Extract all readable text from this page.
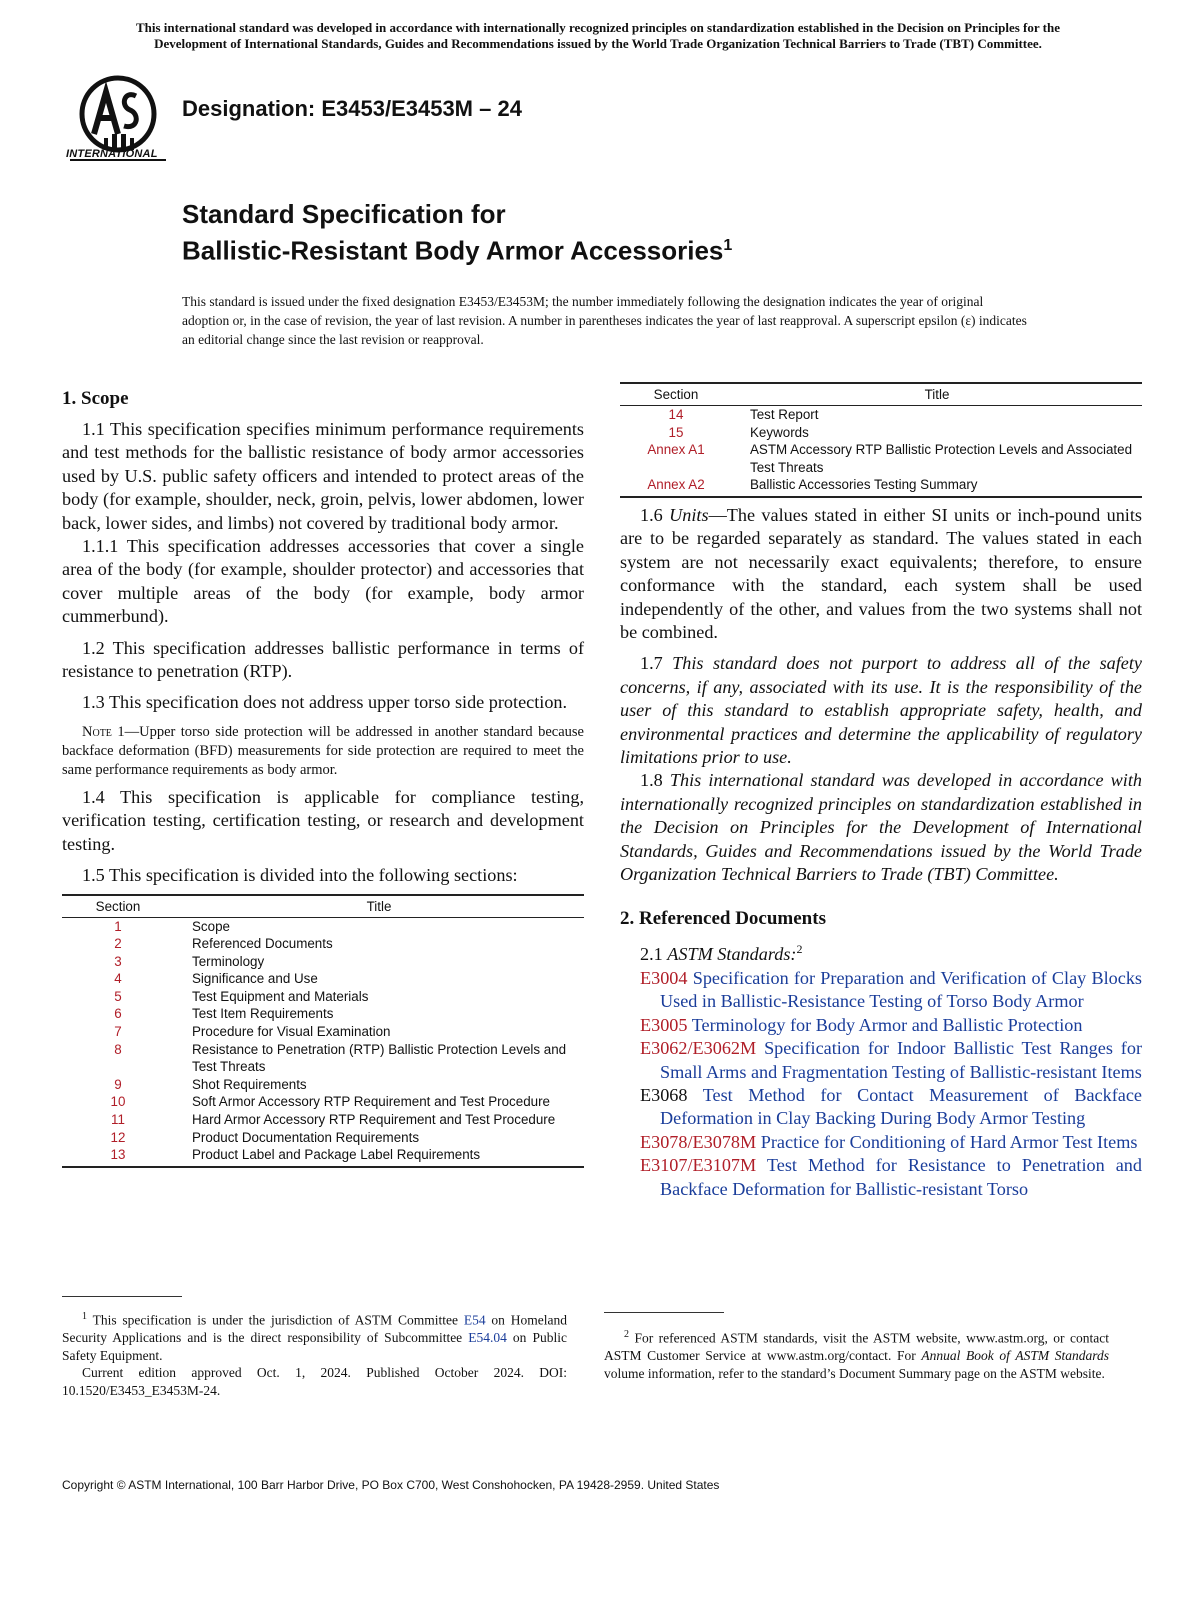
This international standard was developed in accordance with internationally recognized principles on standardization established in the Decision on Principles for the
Development of International Standards, Guides and Recommendations issued by the World Trade Organization Technical Barriers to Trade (TBT) Committee.
INTERNATIONAL
Designation: E3453/E3453M – 24
Standard Specification for
Ballistic-Resistant Body Armor Accessories$^1$
This standard is issued under the fixed designation E3453/E3453M; the number immediately following the designation indicates the year of original adoption or, in the case of revision, the year of last revision. A number in parentheses indicates the year of last reapproval. A superscript epsilon (ε) indicates an editorial change since the last revision or reapproval.
1. Scope

1.1 This specification specifies minimum performance requirements and test methods for the ballistic resistance of body armor accessories used by U.S. public safety officers and intended to protect areas of the body (for example, shoulder, neck, groin, pelvis, lower abdomen, lower back, lower sides, and limbs) not covered by traditional body armor.

1.1.1 This specification addresses accessories that cover a single area of the body (for example, shoulder protector) and accessories that cover multiple areas of the body (for example, body armor cummerbund).

1.2 This specification addresses ballistic performance in terms of resistance to penetration (RTP).

1.3 This specification does not address upper torso side protection.

Note 1—Upper torso side protection will be addressed in another standard because backface deformation (BFD) measurements for side protection are required to meet the same performance requirements as body armor.

1.4 This specification is applicable for compliance testing, verification testing, certification testing, or research and development testing.

1.5 This specification is divided into the following sections:

Section	Title
1	Scope
2	Referenced Documents
3	Terminology
4	Significance and Use
5	Test Equipment and Materials
6	Test Item Requirements
7	Procedure for Visual Examination
8	Resistance to Penetration (RTP) Ballistic Protection Levels and Test Threats
9	Shot Requirements
10	Soft Armor Accessory RTP Requirement and Test Procedure
11	Hard Armor Accessory RTP Requirement and Test Procedure
12	Product Documentation Requirements
13	Product Label and Package Label Requirements
Section	Title
14	Test Report
15	Keywords
Annex A1	ASTM Accessory RTP Ballistic Protection Levels and Associated Test Threats
Annex A2	Ballistic Accessories Testing Summary

1.6 Units—The values stated in either SI units or inch-pound units are to be regarded separately as standard. The values stated in each system are not necessarily exact equivalents; therefore, to ensure conformance with the standard, each system shall be used independently of the other, and values from the two systems shall not be combined.

1.7 This standard does not purport to address all of the safety concerns, if any, associated with its use. It is the responsibility of the user of this standard to establish appropriate safety, health, and environmental practices and determine the applicability of regulatory limitations prior to use.

1.8 This international standard was developed in accordance with internationally recognized principles on standardization established in the Decision on Principles for the Development of International Standards, Guides and Recommendations issued by the World Trade Organization Technical Barriers to Trade (TBT) Committee.

2. Referenced Documents

2.1 ASTM Standards:$^2$

E3004 Specification for Preparation and Verification of Clay Blocks Used in Ballistic-Resistance Testing of Torso Body Armor

E3005 Terminology for Body Armor and Ballistic Protection

E3062/E3062M Specification for Indoor Ballistic Test Ranges for Small Arms and Fragmentation Testing of Ballistic-resistant Items

E3068 Test Method for Contact Measurement of Backface Deformation in Clay Backing During Body Armor Testing

E3078/E3078M Practice for Conditioning of Hard Armor Test Items

E3107/E3107M Test Method for Resistance to Penetration and Backface Deformation for Ballistic-resistant Torso

$^1$ This specification is under the jurisdiction of ASTM Committee E54 on Homeland Security Applications and is the direct responsibility of Subcommittee E54.04 on Public Safety Equipment.

Current edition approved Oct. 1, 2024. Published October 2024. DOI: 10.1520/E3453_E3453M-24.

$^2$ For referenced ASTM standards, visit the ASTM website, www.astm.org, or contact ASTM Customer Service at www.astm.org/contact. For Annual Book of ASTM Standards volume information, refer to the standard’s Document Summary page on the ASTM website.

Copyright © ASTM International, 100 Barr Harbor Drive, PO Box C700, West Conshohocken, PA 19428-2959. United States
